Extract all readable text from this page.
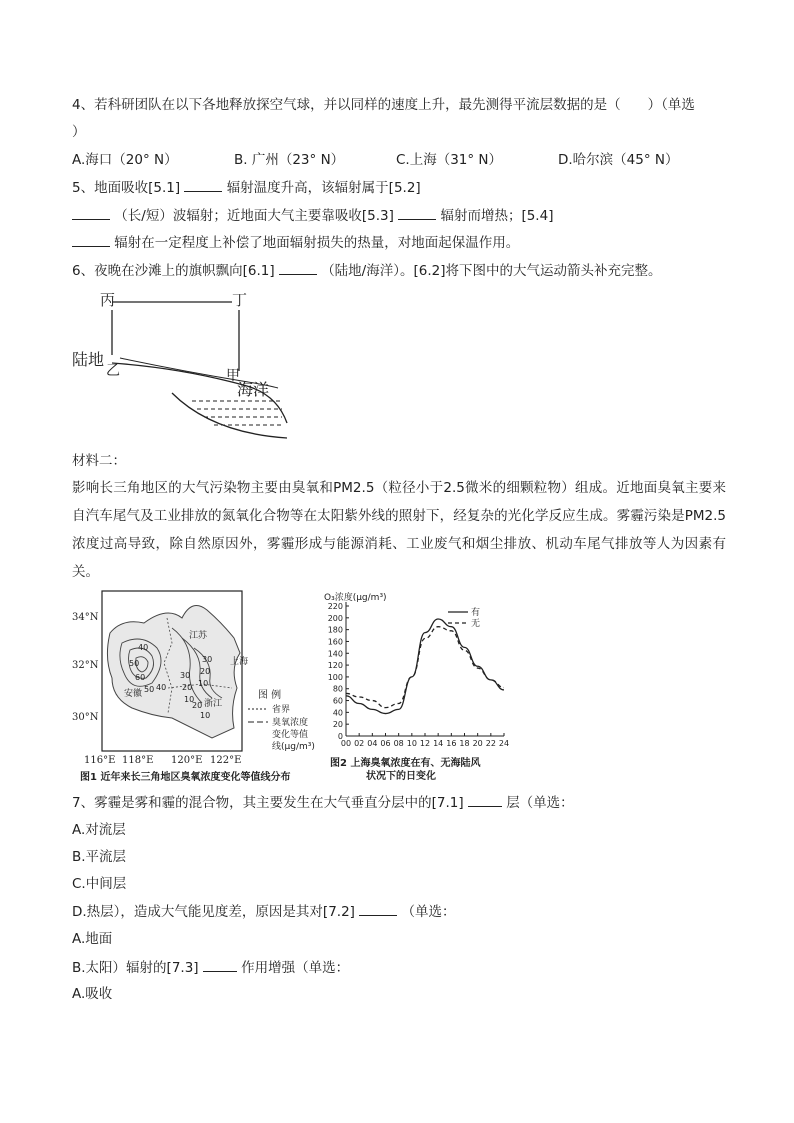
4、若科研团队在以下各地释放探空气球，并以同样的速度上升，最先测得平流层数据的是（　　）（单选
）
A.海口（20° N）	B. 广州（23° N）	C.上海（31° N）	D.哈尔滨（45° N）
5、地面吸收[5.1]	辐射温度升高，该辐射属于[5.2]
（长/短）波辐射；近地面大气主要靠吸收[5.3]	辐射而增热；[5.4]
辐射在一定程度上补偿了地面辐射损失的热量，对地面起保温作用。
6、夜晚在沙滩上的旗帜飘向[6.1]	（陆地/海洋）。[6.2]将下图中的大气运动箭头补充完整。
丙	丁
陆地
乙	甲
海洋
材料二：
影响长三角地区的大气污染物主要由臭氧和PM2.5（粒径小于2.5微米的细颗粒物）组成。近地面臭氧主要来自汽车尾气及工业排放的氮氧化合物等在太阳紫外线的照射下，经复杂的光化学反应生成。雾霾污染是PM2.5浓度过高导致，除自然原因外，雾霾形成与能源消耗、工业废气和烟尘排放、机动车尾气排放等人为因素有关。
34°N
32°N
30°N
116°E 118°E 120°E 122°E
江苏
上海
安徽
浙江
40
50
60
50 40
30
20
10
30
20
10
20
10
图 例
省界
臭氧浓度
变化等值
线(μg/m³)
图1 近年来长三角地区臭氧浓度变化等值线分布
O₃浓度(μg/m³)
0
20
40
60
80
100
120
140
160
180
200
220
00 02 04 06 08 10 12 14 16 18 20 22 24
有
无
图2 上海臭氧浓度在有、无海陆风
状况下的日变化
7、雾霾是雾和霾的混合物，其主要发生在大气垂直分层中的[7.1]	层（单选：
A.对流层
B.平流层
C.中间层
D.热层），造成大气能见度差，原因是其对[7.2]	（单选：
A.地面
B.太阳）辐射的[7.3]	作用增强（单选：
A.吸收
